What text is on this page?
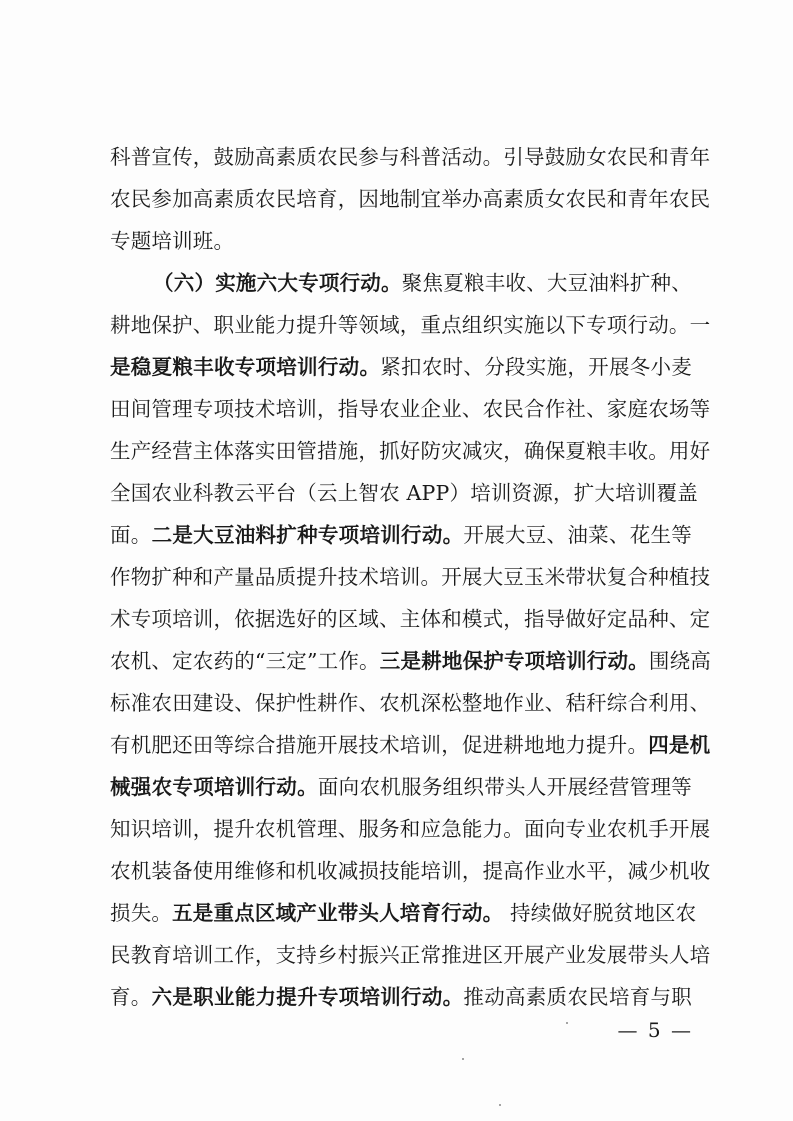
科普宣传，鼓励高素质农民参与科普活动。引导鼓励女农民和青年
农民参加高素质农民培育，因地制宜举办高素质女农民和青年农民
专题培训班。
（六）实施六大专项行动。聚焦夏粮丰收、大豆油料扩种、
耕地保护、职业能力提升等领域，重点组织实施以下专项行动。一
是稳夏粮丰收专项培训行动。紧扣农时、分段实施，开展冬小麦
田间管理专项技术培训，指导农业企业、农民合作社、家庭农场等
生产经营主体落实田管措施，抓好防灾减灾，确保夏粮丰收。用好
全国农业科教云平台（云上智农 APP）培训资源，扩大培训覆盖
面。二是大豆油料扩种专项培训行动。开展大豆、油菜、花生等
作物扩种和产量品质提升技术培训。开展大豆玉米带状复合种植技
术专项培训，依据选好的区域、主体和模式，指导做好定品种、定
农机、定农药的“三定”工作。三是耕地保护专项培训行动。围绕高
标准农田建设、保护性耕作、农机深松整地作业、秸秆综合利用、
有机肥还田等综合措施开展技术培训，促进耕地地力提升。四是机
械强农专项培训行动。面向农机服务组织带头人开展经营管理等
知识培训，提升农机管理、服务和应急能力。面向专业农机手开展
农机装备使用维修和机收减损技能培训，提高作业水平，减少机收
损失。五是重点区域产业带头人培育行动。 持续做好脱贫地区农
民教育培训工作，支持乡村振兴正常推进区开展产业发展带头人培
育。六是职业能力提升专项培训行动。推动高素质农民培育与职
— 5 —
